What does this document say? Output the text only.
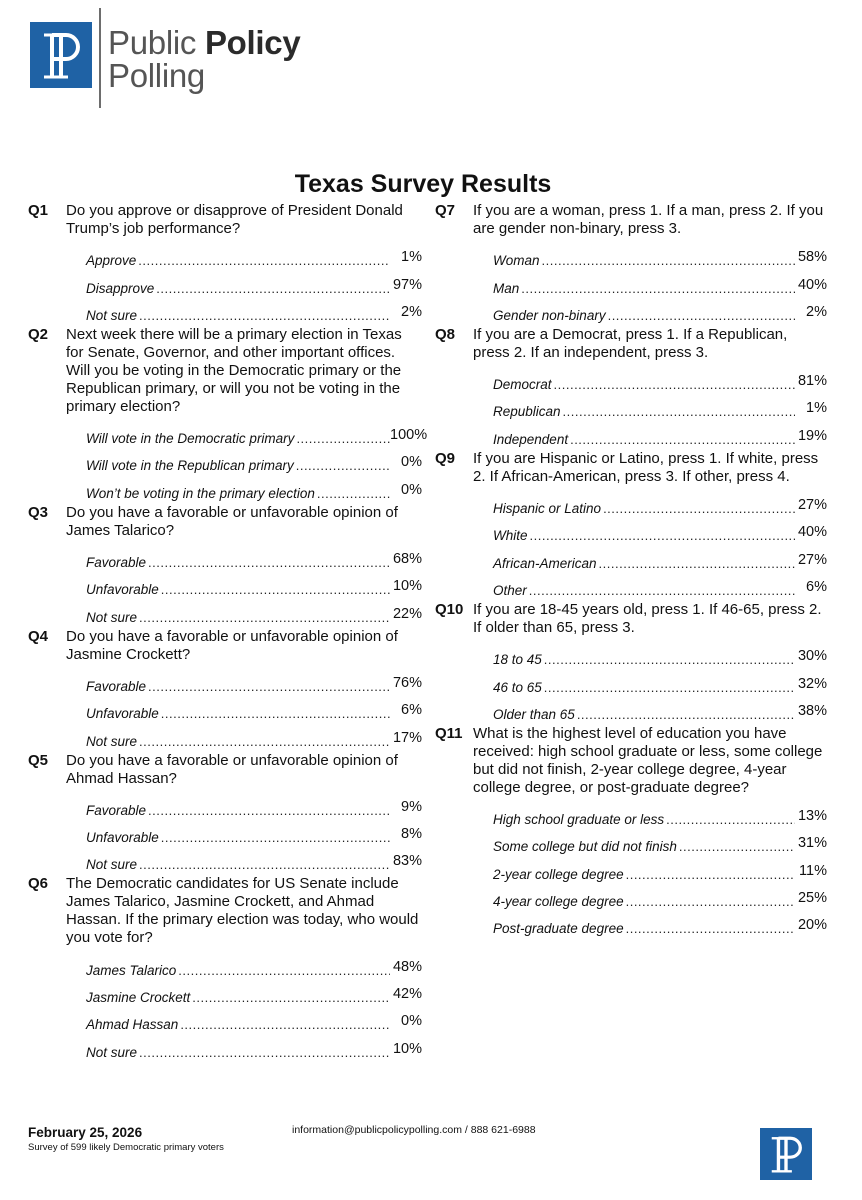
Public Policy
Polling
Texas Survey Results
Q1 Do you approve or disapprove of President Donald Trump’s job performance?
Approve .....	1%
Disapprove .....	97%
Not sure .....	2%
Q2 Next week there will be a primary election in Texas for Senate, Governor, and other important offices. Will you be voting in the Democratic primary or the Republican primary, or will you not be voting in the primary election?
Will vote in the Democratic primary .....	100%
Will vote in the Republican primary .....	0%
Won’t be voting in the primary election .....	0%
Q3 Do you have a favorable or unfavorable opinion of James Talarico?
Favorable .....	68%
Unfavorable .....	10%
Not sure .....	22%
Q4 Do you have a favorable or unfavorable opinion of Jasmine Crockett?
Favorable .....	76%
Unfavorable .....	6%
Not sure .....	17%
Q5 Do you have a favorable or unfavorable opinion of Ahmad Hassan?
Favorable .....	9%
Unfavorable .....	8%
Not sure .....	83%
Q6 The Democratic candidates for US Senate include James Talarico, Jasmine Crockett, and Ahmad Hassan. If the primary election was today, who would you vote for?
James Talarico .....	48%
Jasmine Crockett .....	42%
Ahmad Hassan .....	0%
Not sure .....	10%
Q7 If you are a woman, press 1. If a man, press 2. If you are gender non-binary, press 3.
Woman .....	58%
Man .....	40%
Gender non-binary .....	2%
Q8 If you are a Democrat, press 1. If a Republican, press 2. If an independent, press 3.
Democrat .....	81%
Republican .....	1%
Independent .....	19%
Q9 If you are Hispanic or Latino, press 1. If white, press 2. If African-American, press 3. If other, press 4.
Hispanic or Latino .....	27%
White .....	40%
African-American .....	27%
Other .....	6%
Q10 If you are 18-45 years old, press 1. If 46-65, press 2. If older than 65, press 3.
18 to 45 .....	30%
46 to 65 .....	32%
Older than 65 .....	38%
Q11 What is the highest level of education you have received: high school graduate or less, some college but did not finish, 2-year college degree, 4-year college degree, or post-graduate degree?
High school graduate or less .....	13%
Some college but did not finish .....	31%
2-year college degree .....	11%
4-year college degree .....	25%
Post-graduate degree .....	20%
February 25, 2026
Survey of 599 likely Democratic primary voters
information@publicpolicypolling.com / 888 621-6988
